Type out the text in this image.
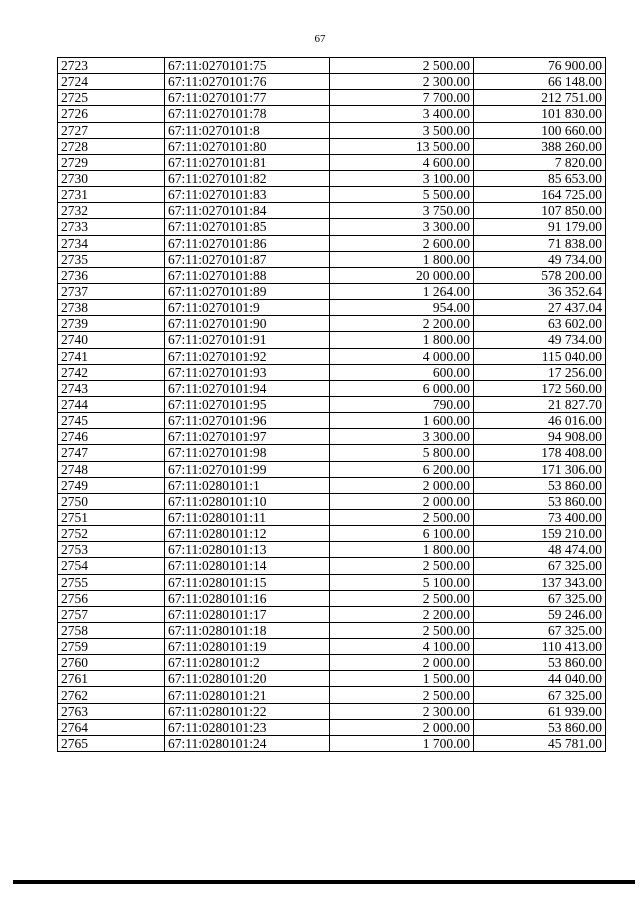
67
2723	67:11:0270101:75	2 500.00	76 900.00
2724	67:11:0270101:76	2 300.00	66 148.00
2725	67:11:0270101:77	7 700.00	212 751.00
2726	67:11:0270101:78	3 400.00	101 830.00
2727	67:11:0270101:8	3 500.00	100 660.00
2728	67:11:0270101:80	13 500.00	388 260.00
2729	67:11:0270101:81	4 600.00	7 820.00
2730	67:11:0270101:82	3 100.00	85 653.00
2731	67:11:0270101:83	5 500.00	164 725.00
2732	67:11:0270101:84	3 750.00	107 850.00
2733	67:11:0270101:85	3 300.00	91 179.00
2734	67:11:0270101:86	2 600.00	71 838.00
2735	67:11:0270101:87	1 800.00	49 734.00
2736	67:11:0270101:88	20 000.00	578 200.00
2737	67:11:0270101:89	1 264.00	36 352.64
2738	67:11:0270101:9	954.00	27 437.04
2739	67:11:0270101:90	2 200.00	63 602.00
2740	67:11:0270101:91	1 800.00	49 734.00
2741	67:11:0270101:92	4 000.00	115 040.00
2742	67:11:0270101:93	600.00	17 256.00
2743	67:11:0270101:94	6 000.00	172 560.00
2744	67:11:0270101:95	790.00	21 827.70
2745	67:11:0270101:96	1 600.00	46 016.00
2746	67:11:0270101:97	3 300.00	94 908.00
2747	67:11:0270101:98	5 800.00	178 408.00
2748	67:11:0270101:99	6 200.00	171 306.00
2749	67:11:0280101:1	2 000.00	53 860.00
2750	67:11:0280101:10	2 000.00	53 860.00
2751	67:11:0280101:11	2 500.00	73 400.00
2752	67:11:0280101:12	6 100.00	159 210.00
2753	67:11:0280101:13	1 800.00	48 474.00
2754	67:11:0280101:14	2 500.00	67 325.00
2755	67:11:0280101:15	5 100.00	137 343.00
2756	67:11:0280101:16	2 500.00	67 325.00
2757	67:11:0280101:17	2 200.00	59 246.00
2758	67:11:0280101:18	2 500.00	67 325.00
2759	67:11:0280101:19	4 100.00	110 413.00
2760	67:11:0280101:2	2 000.00	53 860.00
2761	67:11:0280101:20	1 500.00	44 040.00
2762	67:11:0280101:21	2 500.00	67 325.00
2763	67:11:0280101:22	2 300.00	61 939.00
2764	67:11:0280101:23	2 000.00	53 860.00
2765	67:11:0280101:24	1 700.00	45 781.00
